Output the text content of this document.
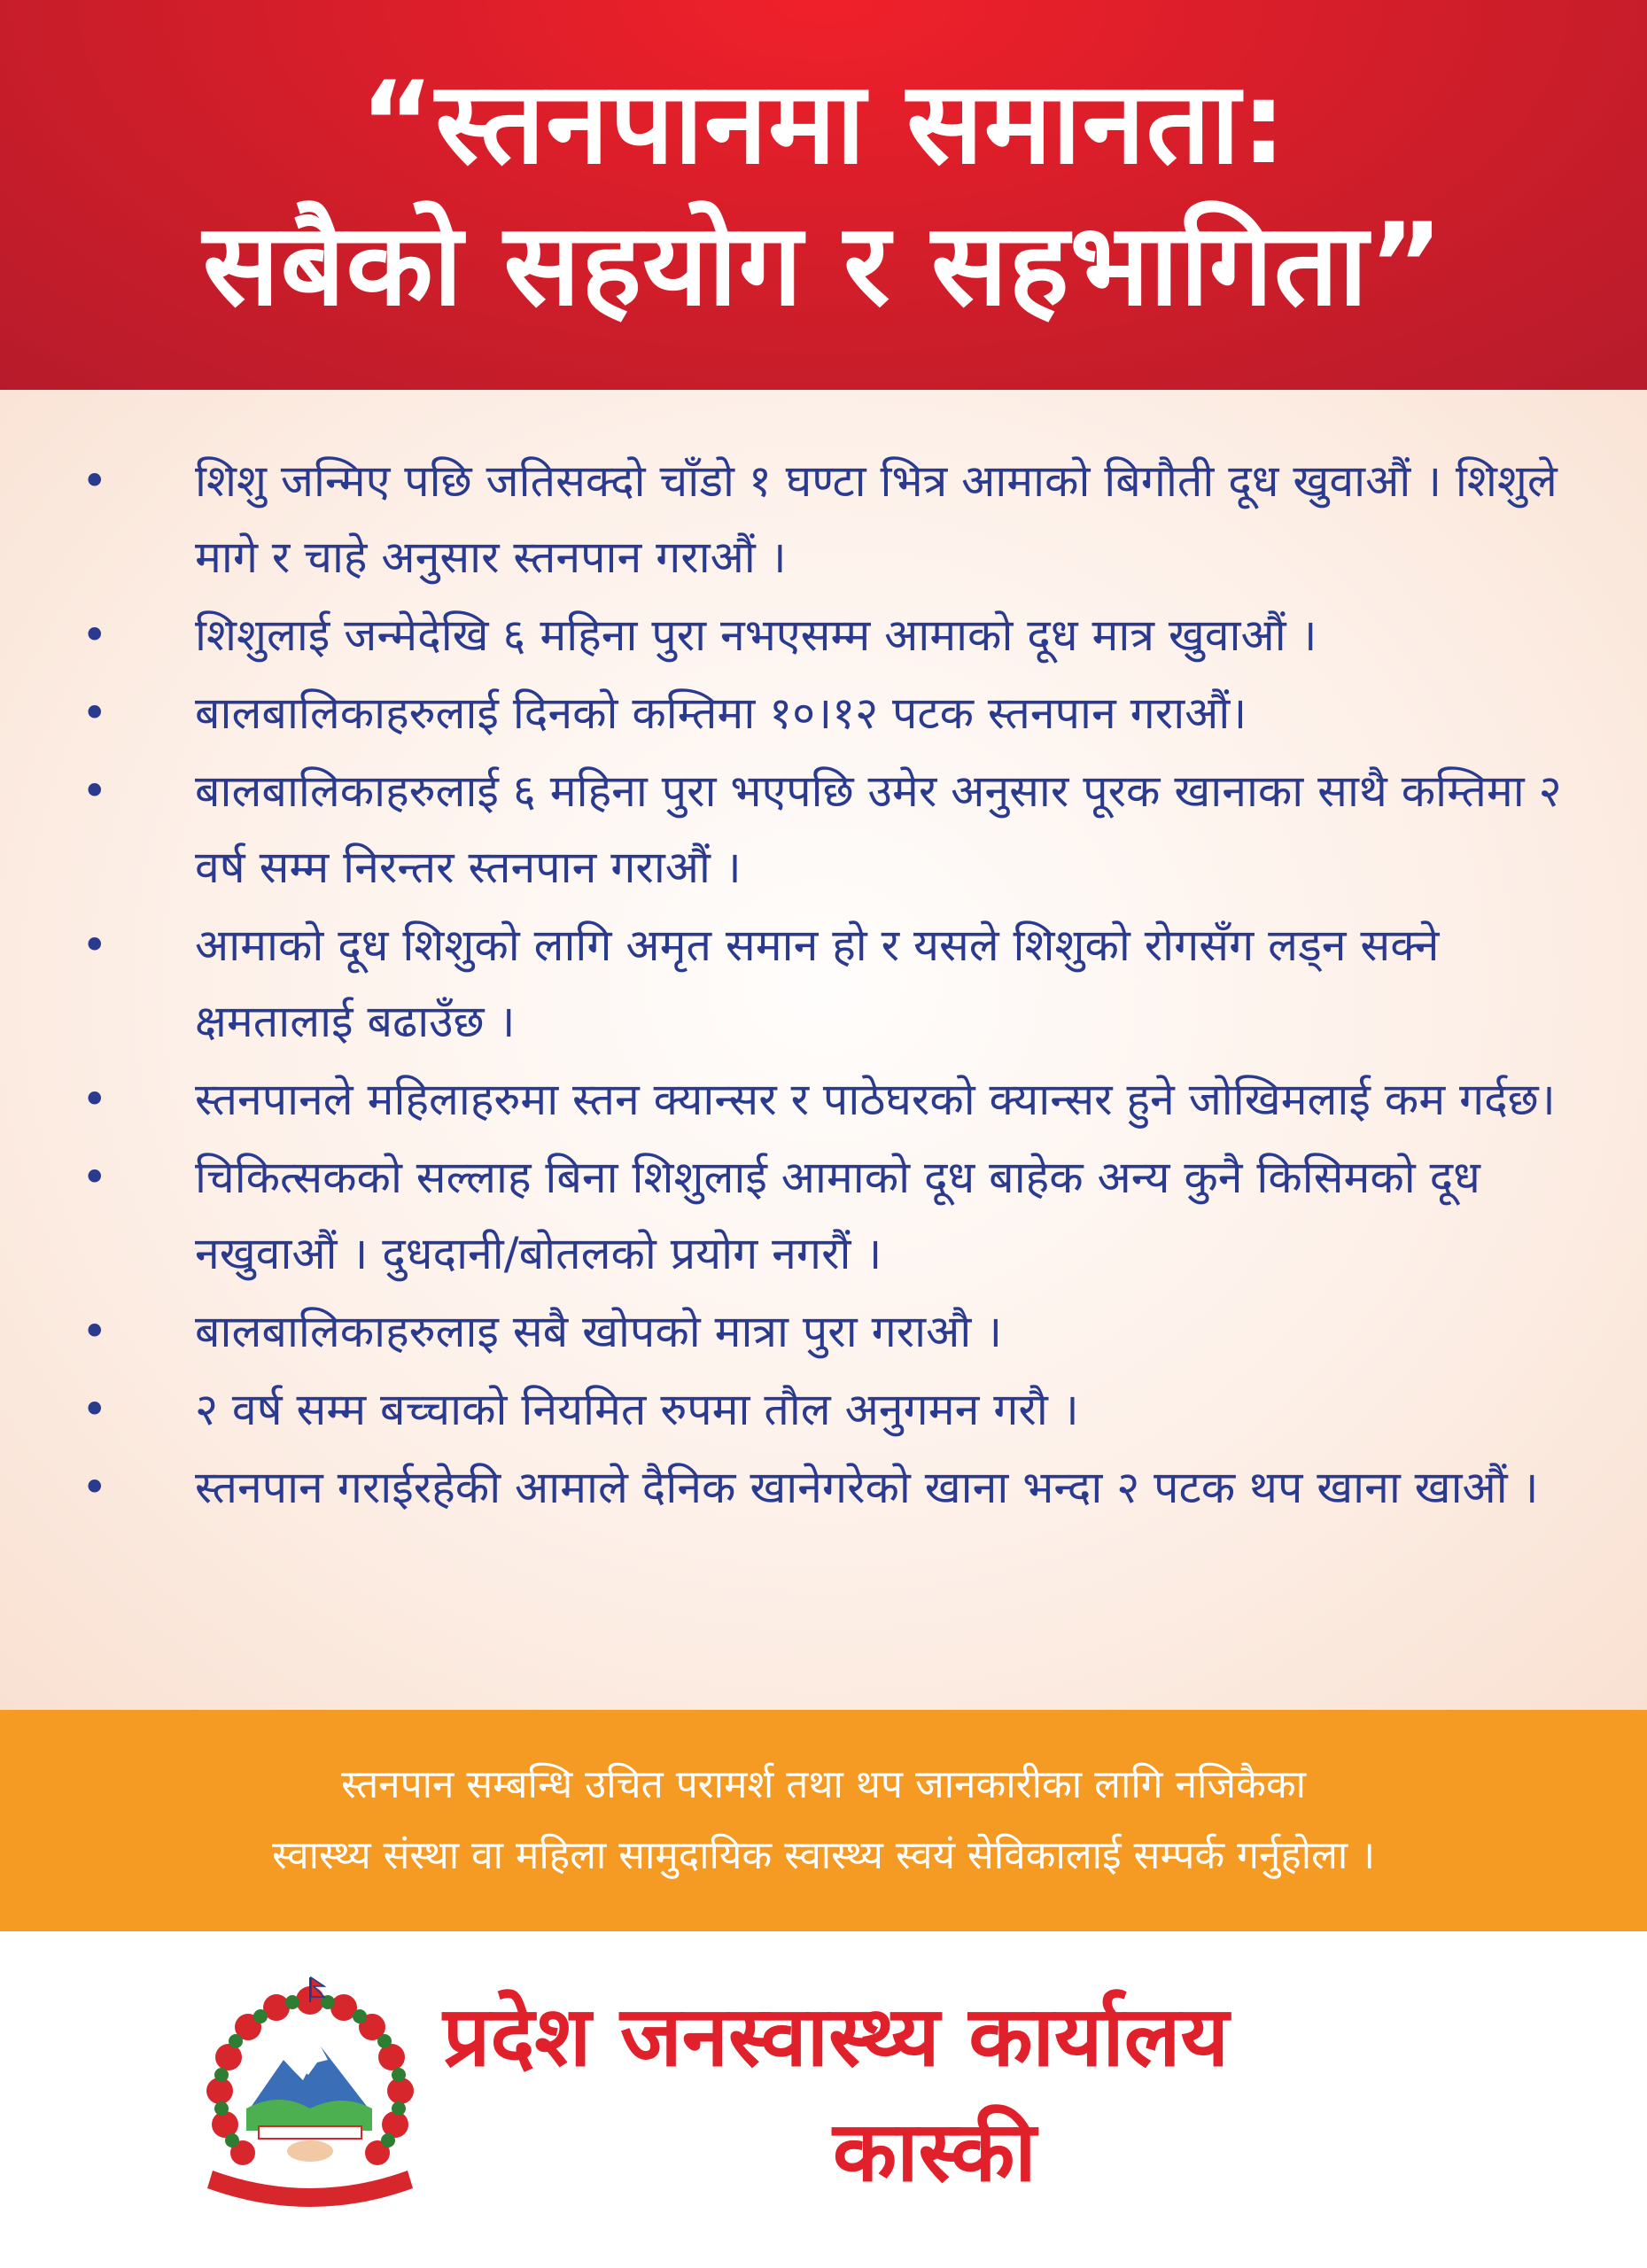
“स्तनपानमा समानता:
सबैको सहयोग र सहभागिता”
• शिशु जन्मिए पछि जतिसक्दो चाँडो १ घण्टा भित्र आमाको बिगौती दूध खुवाऔं । शिशुले मागे र चाहे अनुसार स्तनपान गराऔं ।
• शिशुलाई जन्मेदेखि ६ महिना पुरा नभएसम्म आमाको दूध मात्र खुवाऔं ।
• बालबालिकाहरुलाई दिनको कम्तिमा १०।१२ पटक स्तनपान गराऔं।
• बालबालिकाहरुलाई ६ महिना पुरा भएपछि उमेर अनुसार पूरक खानाका साथै कम्तिमा २ वर्ष सम्म निरन्तर स्तनपान गराऔं ।
• आमाको दूध शिशुको लागि अमृत समान हो र यसले शिशुको रोगसँग लड्न सक्ने क्षमतालाई बढाउँछ ।
• स्तनपानले महिलाहरुमा स्तन क्यान्सर र पाठेघरको क्यान्सर हुने जोखिमलाई कम गर्दछ।
• चिकित्सकको सल्लाह बिना शिशुलाई आमाको दूध बाहेक अन्य कुनै किसिमको दूध नखुवाऔं । दुधदानी/बोतलको प्रयोग नगरौं ।
• बालबालिकाहरुलाइ सबै खोपको मात्रा पुरा गराऔ ।
• २ वर्ष सम्म बच्चाको नियमित रुपमा तौल अनुगमन गरौ ।
• स्तनपान गराईरहेकी आमाले दैनिक खानेगरेको खाना भन्दा २ पटक थप खाना खाऔं ।
स्तनपान सम्बन्धि उचित परामर्श तथा थप जानकारीका लागि नजिकैका
स्वास्थ्य संस्था वा महिला सामुदायिक स्वास्थ्य स्वयं सेविकालाई सम्पर्क गर्नुहोला ।
प्रदेश जनस्वास्थ्य कार्यालय
कास्की
